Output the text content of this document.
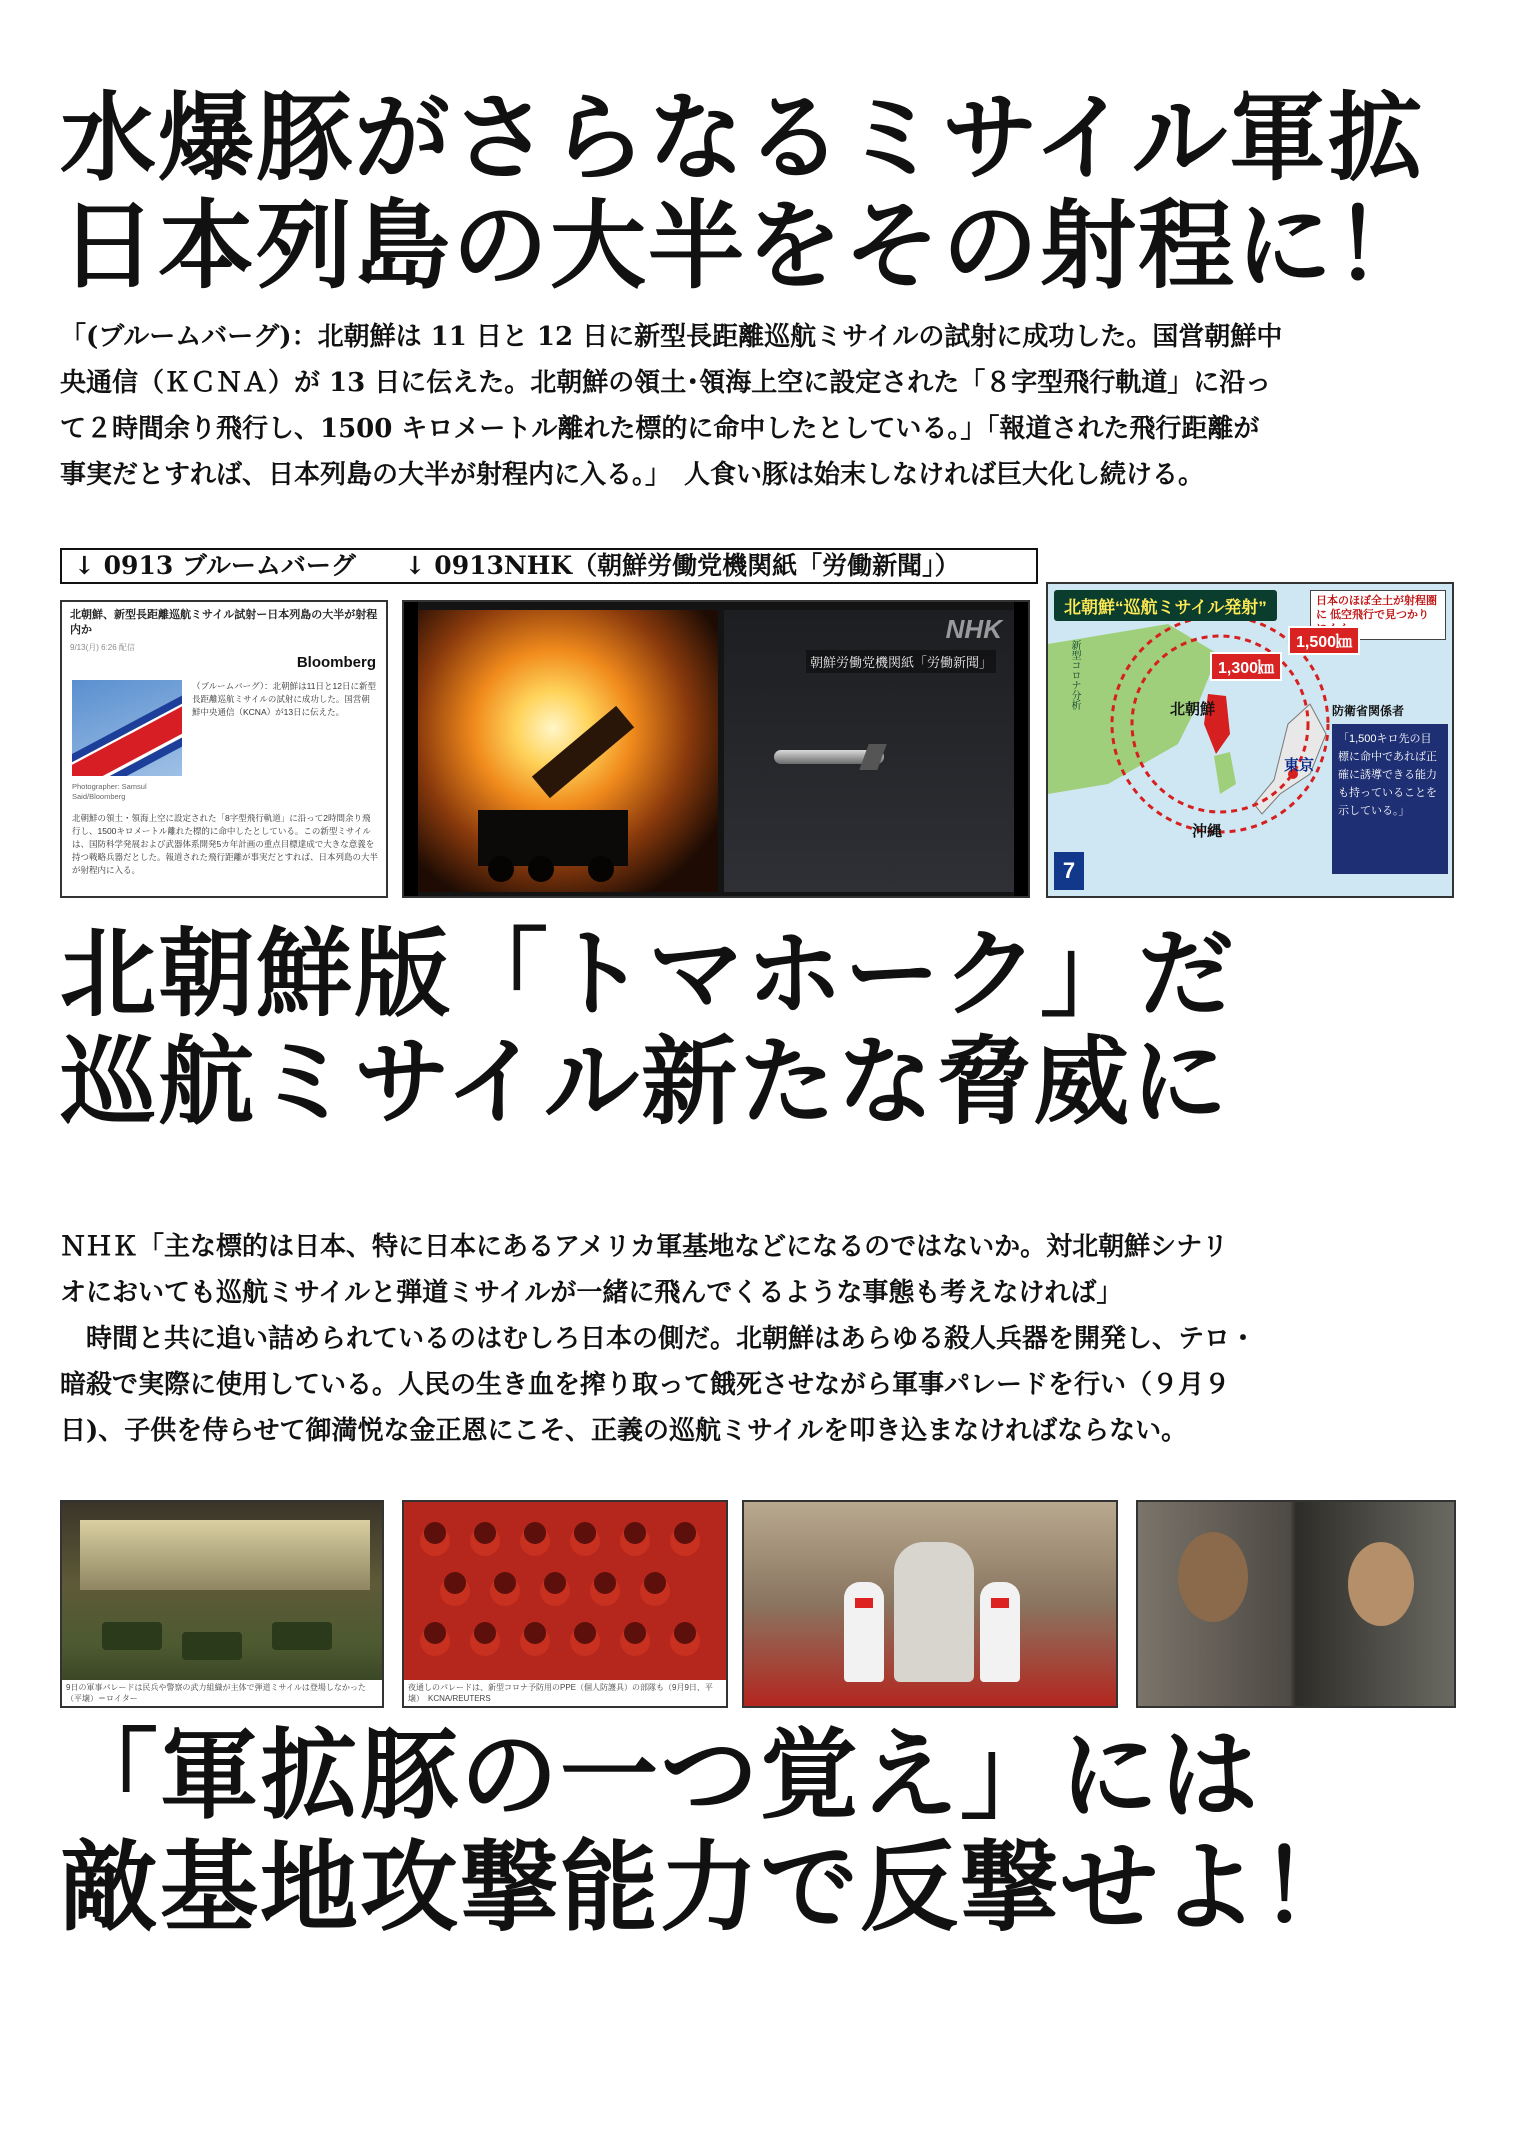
水爆豚がさらなるミサイル軍拡
日本列島の大半をその射程に！
「(ブルームバーグ)：北朝鮮は 11 日と 12 日に新型長距離巡航ミサイルの試射に成功した。国営朝鮮中
央通信（ＫＣＮＡ）が 13 日に伝えた。北朝鮮の領土･領海上空に設定された「８字型飛行軌道」に沿っ
て２時間余り飛行し、1500 キロメートル離れた標的に命中したとしている。」「報道された飛行距離が
事実だとすれば、日本列島の大半が射程内に入る。」　人食い豚は始末しなければ巨大化し続ける。
↓ 0913 ブルームバーグ ↓ 0913NHK（朝鮮労働党機関紙「労働新聞」）
北朝鮮、新型長距離巡航ミサイル試射ー日本列島の大半が射程内か
9/13(月) 6:26 配信
Bloomberg
（ブルームバーグ）：北朝鮮は11日と12日に新型長距離巡航ミサイルの試射に成功した。国営朝鮮中央通信（KCNA）が13日に伝えた。
Photographer: Samsul
Said/Bloomberg
北朝鮮の領土・領海上空に設定された「8字型飛行軌道」に沿って2時間余り飛行し、1500キロメートル離れた標的に命中したとしている。この新型ミサイルは、国防科学発展および武器体系開発5カ年計画の重点目標達成で大きな意義を持つ戦略兵器だとした。報道された飛行距離が事実だとすれば、日本列島の大半が射程内に入る。
NHK
朝鮮労働党機関紙「労働新聞」
北朝鮮“巡航ミサイル発射”	日本のほぼ全土が射程圏に 低空飛行で見つかり
新型コロナ分析	1,300㎞
1,500㎞
北朝鮮
東京
沖縄
防衛省関係者
「1,500キロ先の目標に命中であれば正確に誘導できる能力も持っていることを示している。」
7
北朝鮮版「トマホーク」だ
巡航ミサイル新たな脅威に
ＮＨＫ「主な標的は日本、特に日本にあるアメリカ軍基地などになるのではないか。対北朝鮮シナリ
オにおいても巡航ミサイルと弾道ミサイルが一緒に飛んでくるような事態も考えなければ」
　時間と共に追い詰められているのはむしろ日本の側だ。北朝鮮はあらゆる殺人兵器を開発し、テロ・
暗殺で実際に使用している。人民の生き血を搾り取って餓死させながら軍事パレードを行い（９月９
日)、子供を侍らせて御満悦な金正恩にこそ、正義の巡航ミサイルを叩き込まなければならない。
9日の軍事パレードは民兵や警察の武力組織が主体で弾道ミサイルは登場しなかった（平壌）＝ロイター
夜通しのパレードは、新型コロナ予防用のPPE（個人防護具）の部隊も（9月9日、平壌）　KCNA/REUTERS
「軍拡豚の一つ覚え」には
敵基地攻撃能力で反撃せよ！
